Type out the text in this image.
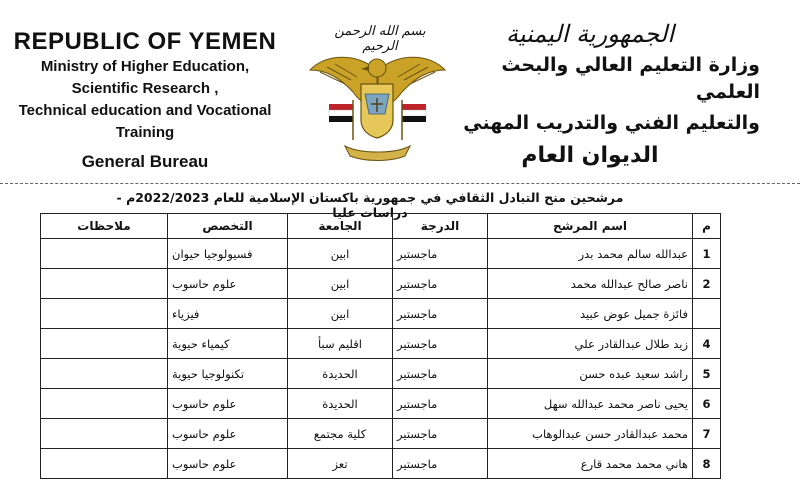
REPUBLIC OF YEMEN
Ministry of Higher Education,
Scientific Research ,
Technical education and Vocational Training
General Bureau
بسم الله الرحمن الرحيم	الجمهورية اليمنية
وزارة التعليم العالي والبحث العلمي
والتعليم الفني والتدريب المهني
الديوان العام
مرشحين منح التبادل الثقافي في جمهورية باكستان الإسلامية للعام 2022/2023م - دراسات عليا
م	اسم المرشح	الدرجة	الجامعة	التخصص	ملاحظات
1	عبدالله سالم محمد بدر	ماجستير	ابين	فسيولوجيا حيوان	
2	ناصر صالح عبدالله محمد	ماجستير	ابين	علوم حاسوب	
	فائزة جميل عوض عبيد	ماجستير	ابين	فيزياء	
4	زيد طلال عبدالقادر علي	ماجستير	اقليم سبأ	كيمياء حيوية	
5	راشد سعيد عبده حسن	ماجستير	الحديدة	تكنولوجيا حيوية	
6	يحيى ناصر محمد عبدالله سهل	ماجستير	الحديدة	علوم حاسوب	
7	محمد عبدالقادر حسن عبدالوهاب	ماجستير	كلية مجتمع	علوم حاسوب	
8	هاني محمد محمد قارع	ماجستير	تعز	علوم حاسوب	
